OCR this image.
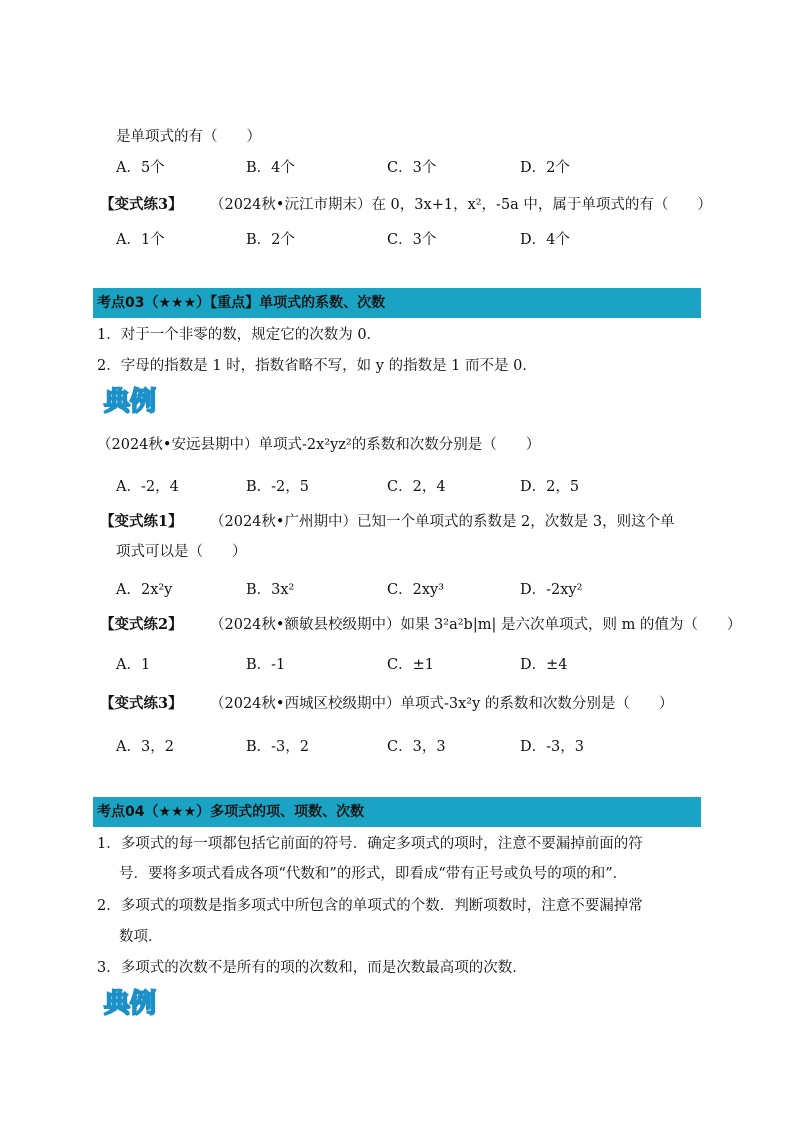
是单项式的有（　　）
A．5个	B．4个	C．3个	D．2个
【变式练3】 （2024秋•沅江市期末）在 0，3x+1，x²，-5a 中，属于单项式的有（　　）
A．1个	B．2个	C．3个	D．4个
考点03（★★★）【重点】单项式的系数、次数
1．对于一个非零的数，规定它的次数为 0．
2．字母的指数是 1 时，指数省略不写，如 y 的指数是 1 而不是 0．
典例
（2024秋•安远县期中）单项式-2x²yz²的系数和次数分别是（　　）
A．-2，4	B．-2，5	C．2，4	D．2，5
【变式练1】 （2024秋•广州期中）已知一个单项式的系数是 2，次数是 3，则这个单
项式可以是（　　）
A．2x²y	B．3x²	C．2xy³	D．-2xy²
【变式练2】 （2024秋•额敏县校级期中）如果 3²a²b|m| 是六次单项式，则 m 的值为（　　）
A．1	B．-1	C．±1	D．±4
【变式练3】 （2024秋•西城区校级期中）单项式-3x²y 的系数和次数分别是（　　）
A．3，2	B．-3，2	C．3，3	D．-3，3
考点04（★★★）多项式的项、项数、次数
1．多项式的每一项都包括它前面的符号．确定多项式的项时，注意不要漏掉前面的符
号．要将多项式看成各项“代数和”的形式，即看成“带有正号或负号的项的和”．
2．多项式的项数是指多项式中所包含的单项式的个数．判断项数时，注意不要漏掉常
数项．
3．多项式的次数不是所有的项的次数和，而是次数最高项的次数．
典例
